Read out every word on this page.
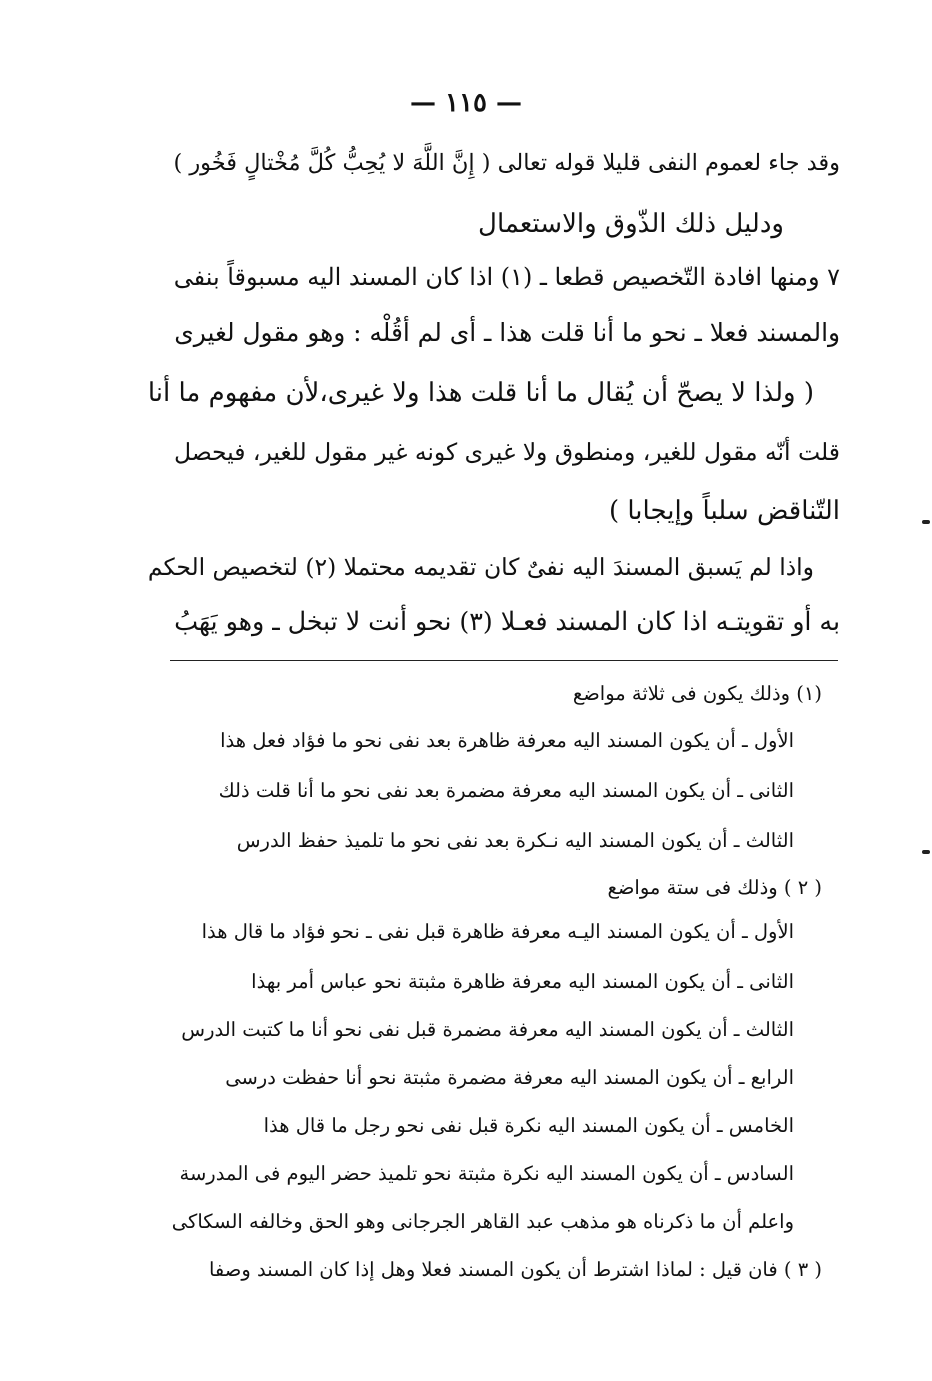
— ١١٥ —
وقد جاء لعموم النفى قليلا قوله تعالى ( إِنَّ اللَّهَ لا يُحِبُّ كُلَّ مُخْتالٍ فَخُور )
ودليل ذلك الذّوق والاستعمال
٧ ومنها افادة التّخصيص قطعا ـ (١) اذا كان المسند اليه مسبوقاً بنفى
والمسند فعلا ـ نحو ما أنا قلت هذا ـ أى لم أقُلْه : وهو مقول لغيرى
( ولذا لا يصحّ أن يُقال ما أنا قلت هذا ولا غيرى،لأن مفهوم ما أنا
قلت أنّه مقول للغير، ومنطوق ولا غيرى كونه غير مقول للغير، فيحصل
التّناقض سلباً وإيجابا )
واذا لم يَسبق المسندَ اليه نفىٌ كان تقديمه محتملا (٢) لتخصيص الحكم
به أو تقويتـه اذا كان المسند فعـلا (٣) نحو أنت لا تبخل ـ وهو يَهَبُ
(١) وذلك يكون فى ثلاثة مواضع
الأول ـ أن يكون المسند اليه معرفة ظاهرة بعد نفى نحو ما فؤاد فعل هذا
الثانى ـ أن يكون المسند اليه معرفة مضمرة بعد نفى نحو ما أنا قلت ذلك
الثالث ـ أن يكون المسند اليه نـكرة بعد نفى نحو ما تلميذ حفظ الدرس
( ٢ ) وذلك فى ستة مواضع
الأول ـ أن يكون المسند اليـه معرفة ظاهرة قبل نفى ـ نحو فؤاد ما قال هذا
الثانى ـ أن يكون المسند اليه معرفة ظاهرة مثبتة نحو عباس أمر بهذا
الثالث ـ أن يكون المسند اليه معرفة مضمرة قبل نفى نحو أنا ما كتبت الدرس
الرابع ـ أن يكون المسند اليه معرفة مضمرة مثبتة نحو أنا حفظت درسى
الخامس ـ أن يكون المسند اليه نكرة قبل نفى نحو رجل ما قال هذا
السادس ـ أن يكون المسند اليه نكرة مثبتة نحو تلميذ حضر اليوم فى المدرسة
واعلم أن ما ذكرناه هو مذهب عبد القاهر الجرجانى وهو الحق وخالفه السكاكى
( ٣ ) فان قيل : لماذا اشترط أن يكون المسند فعلا وهل إذا كان المسند وصفا
